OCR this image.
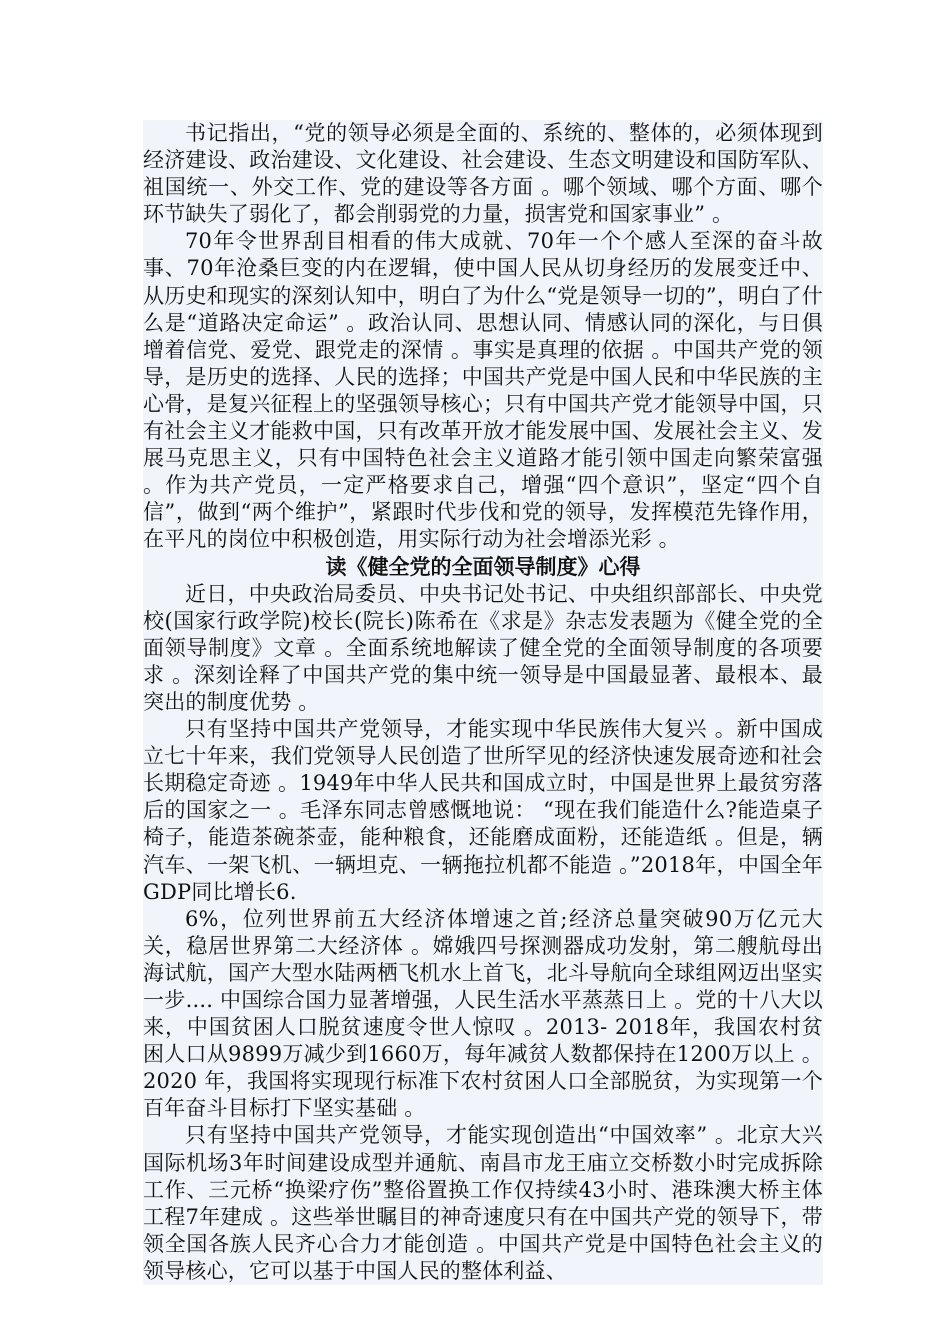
书记指出，“党的领导必须是全面的、系统的、整体的，必须体现到经济建设、政治建设、文化建设、社会建设、生态文明建设和国防军队、祖国统一、外交工作、党的建设等各方面 。哪个领域、哪个方面、哪个环节缺失了弱化了，都会削弱党的力量，损害党和国家事业” 。

70年令世界刮目相看的伟大成就、70年一个个感人至深的奋斗故事、70年沧桑巨变的内在逻辑，使中国人民从切身经历的发展变迁中、从历史和现实的深刻认知中，明白了为什么“党是领导一切的”，明白了什么是“道路决定命运” 。政治认同、思想认同、情感认同的深化，与日俱增着信党、爱党、跟党走的深情 。事实是真理的依据 。中国共产党的领导，是历史的选择、人民的选择；中国共产党是中国人民和中华民族的主心骨，是复兴征程上的坚强领导核心；只有中国共产党才能领导中国，只有社会主义才能救中国，只有改革开放才能发展中国、发展社会主义、发展马克思主义，只有中国特色社会主义道路才能引领中国走向繁荣富强 。作为共产党员，一定严格要求自己，增强“四个意识”，坚定“四个自信”，做到“两个维护”，紧跟时代步伐和党的领导，发挥模范先锋作用，在平凡的岗位中积极创造，用实际行动为社会增添光彩 。

读《健全党的全面领导制度》心得

近日，中央政治局委员、中央书记处书记、中央组织部部长、中央党校(国家行政学院)校长(院长)陈希在《求是》杂志发表题为《健全党的全面领导制度》文章 。全面系统地解读了健全党的全面领导制度的各项要求 。深刻诠释了中国共产党的集中统一领导是中国最显著、最根本、最突出的制度优势 。

只有坚持中国共产党领导，才能实现中华民族伟大复兴 。新中国成立七十年来，我们党领导人民创造了世所罕见的经济快速发展奇迹和社会长期稳定奇迹 。1949年中华人民共和国成立时，中国是世界上最贫穷落后的国家之一 。毛泽东同志曾感慨地说： “现在我们能造什么?能造桌子椅子，能造茶碗茶壶，能种粮食，还能磨成面粉，还能造纸 。但是，辆汽车、一架飞机、一辆坦克、一辆拖拉机都不能造 。”2018年，中国全年GDP同比增长6.

6%，位列世界前五大经济体增速之首;经济总量突破90万亿元大关，稳居世界第二大经济体 。嫦娥四号探测器成功发射，第二艘航母出海试航，国产大型水陆两栖飞机水上首飞，北斗导航向全球组网迈出坚实一步.... 中国综合国力显著增强，人民生活水平蒸蒸日上 。党的十八大以来，中国贫困人口脱贫速度令世人惊叹 。2013- 2018年，我国农村贫困人口从9899万减少到1660万，每年减贫人数都保持在1200万以上 。2020 年，我国将实现现行标准下农村贫困人口全部脱贫，为实现第一个百年奋斗目标打下坚实基础 。

只有坚持中国共产党领导，才能实现创造出“中国效率” 。北京大兴国际机场3年时间建设成型并通航、南昌市龙王庙立交桥数小时完成拆除工作、三元桥“换梁疗伤”整俗置换工作仅持续43小时、港珠澳大桥主体工程7年建成 。这些举世瞩目的神奇速度只有在中国共产党的领导下，带领全国各族人民齐心合力才能创造 。中国共产党是中国特色社会主义的领导核心，它可以基于中国人民的整体利益、
